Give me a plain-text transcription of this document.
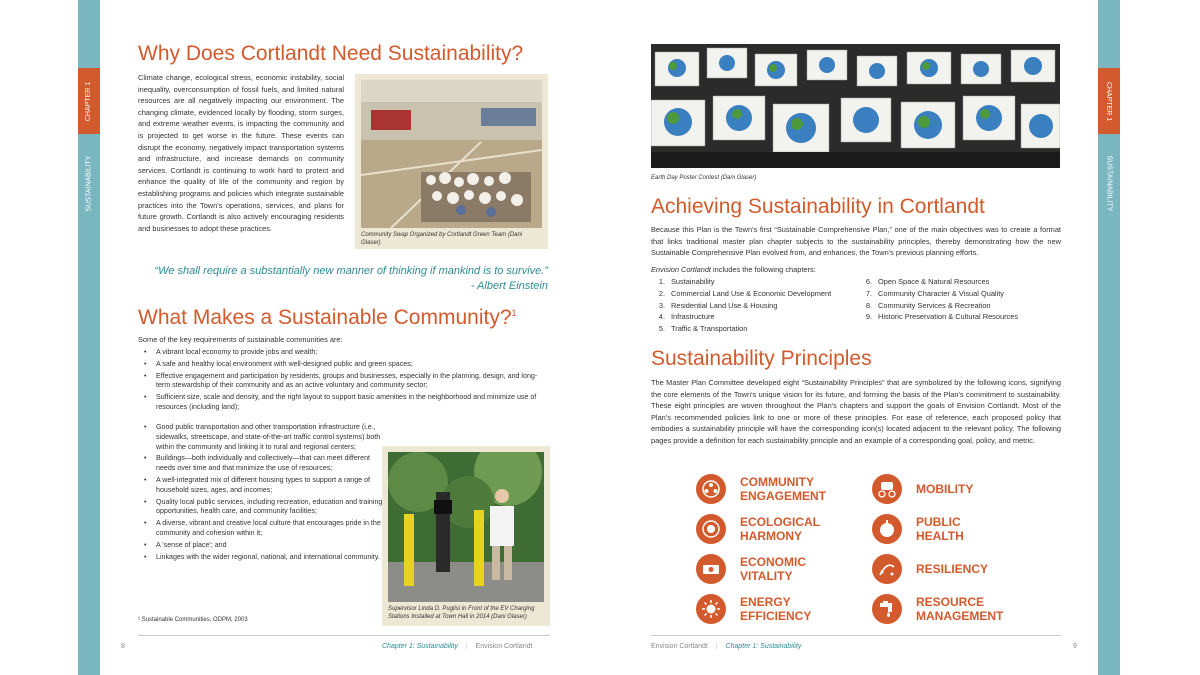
CHAPTER 1
SUSTAINABILITY
Why Does Cortlandt Need Sustainability?
Climate change, ecological stress, economic instability, social inequality, overconsumption of fossil fuels, and limited natural resources are all negatively impacting our environment. The changing climate, evidenced locally by flooding, storm surges, and extreme weather events, is impacting the community and is projected to get worse in the future. These events can disrupt the economy, negatively impact transportation systems and infrastructure, and increase demands on community services. Cortlandt is continuing to work hard to protect and enhance the quality of life of the community and region by establishing programs and policies which integrate sustainable practices into the Town's operations, services, and plans for future growth. Cortlandt is also actively encouraging residents and businesses to adopt these practices.
Community Swap Organized by Cortlandt Green Team (Dani Glaser)
“We shall require a substantially new manner of thinking if mankind is to survive.”
- Albert Einstein
What Makes a Sustainable Community?$^1$
Some of the key requirements of sustainable communities are:
• A vibrant local economy to provide jobs and wealth;
• A safe and healthy local environment with well-designed public and green spaces;
• Effective engagement and participation by residents, groups and businesses, especially in the planning, design, and long-term stewardship of their community and as an active voluntary and community sector;
• Sufficient size, scale and density, and the right layout to support basic amenities in the neighborhood and minimize use of resources (including land);
• Good public transportation and other transportation infrastructure (i.e., sidewalks, streetscape, and state-of-the-art traffic control systems) both within the community and linking it to rural and regional centers;
• Buildings—both individually and collectively—that can meet different needs over time and that minimize the use of resources;
• A well-integrated mix of different housing types to support a range of household sizes, ages, and incomes;
• Quality local public services, including recreation, education and training opportunities, health care, and community facilities;
• A diverse, vibrant and creative local culture that encourages pride in the community and cohesion within it;
• A 'sense of place'; and
• Linkages with the wider regional, national, and international community.
Supervisor Linda D. Puglisi in Front of the EV Charging Stations Installed at Town Hall in 2014 (Dani Glaser)
¹ Sustainable Communities, ODPM, 2003
8	Chapter 1: Sustainability | Envision Cortlandt
CHAPTER 1
SUSTAINABILITY
Earth Day Poster Contest (Dani Glaser)
Achieving Sustainability in Cortlandt
Because this Plan is the Town's first “Sustainable Comprehensive Plan,” one of the main objectives was to create a format that links traditional master plan chapter subjects to the sustainability principles, thereby demonstrating how the new Sustainable Comprehensive Plan evolved from, and enhances, the Town's previous planning efforts.
Envision Cortlandt includes the following chapters:
1. Sustainability
2. Commercial Land Use & Economic Development
3. Residential Land Use & Housing
4. Infrastructure
5. Traffic & Transportation
6. Open Space & Natural Resources
7. Community Character & Visual Quality
8. Community Services & Recreation
9. Historic Preservation & Cultural Resources
Sustainability Principles
The Master Plan Committee developed eight “Sustainability Principles” that are symbolized by the following icons, signifying the core elements of the Town's unique vision for its future, and forming the basis of the Plan's commitment to sustainability. These eight principles are woven throughout the Plan's chapters and support the goals of Envision Cortlandt. Most of the Plan's recommended policies link to one or more of these principles. For ease of reference, each proposed policy that embodies a sustainability principle will have the corresponding icon(s) located adjacent to the relevant policy. The following pages provide a definition for each sustainability principle and an example of a corresponding goal, policy, and metric.
COMMUNITY
ENGAGEMENT	MOBILITY
ECOLOGICAL
HARMONY
PUBLIC
HEALTH
ECONOMIC
VITALITY	RESILIENCY
ENERGY
EFFICIENCY
RESOURCE
MANAGEMENT
Envision Cortlandt | Chapter 1: Sustainability	9
